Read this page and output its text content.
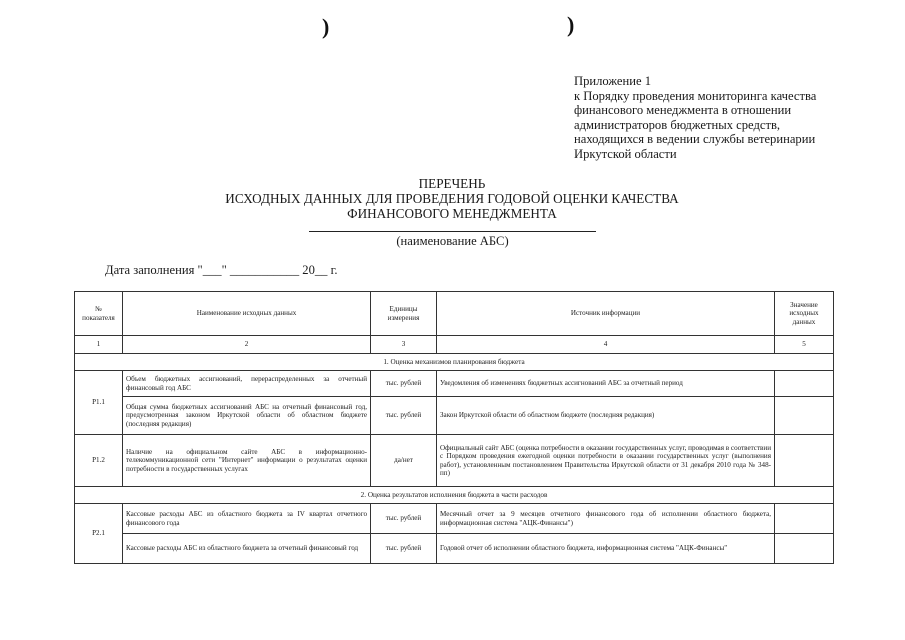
)	)
Приложение 1
к Порядку проведения мониторинга качества
финансового менеджмента в отношении
администраторов бюджетных средств,
находящихся в ведении службы ветеринарии
Иркутской области
ПЕРЕЧЕНЬ
ИСХОДНЫХ ДАННЫХ ДЛЯ ПРОВЕДЕНИЯ ГОДОВОЙ ОЦЕНКИ КАЧЕСТВА
ФИНАНСОВОГО МЕНЕДЖМЕНТА
(наименование АБС)
Дата заполнения "___" ___________ 20__ г.
№ показателя	Наименование исходных данных	Единицы измерения	Источник информации	Значение исходных данных
1	2	3	4	5
1. Оценка механизмов планирования бюджета				
Р1.1	Объем бюджетных ассигнований, перераспределенных за отчетный финансовый год АБС	тыс. рублей	Уведомления об изменениях бюджетных ассигнований АБС за отчетный период	
	Общая сумма бюджетных ассигнований АБС на отчетный финансовый год, предусмотренная законом Иркутской области об областном бюджете (последняя редакция)	тыс. рублей	Закон Иркутской области об областном бюджете (последняя редакция)	
Р1.2	Наличие на официальном сайте АБС в информационно-телекоммуникационной сети "Интернет" информации о результатах оценки потребности в государственных услугах	да/нет	Официальный сайт АБС (оценка потребности в оказании государственных услуг, проводимая в соответствии с Порядком проведения ежегодной оценки потребности в оказании государственных услуг (выполнения работ), установленным постановлением Правительства Иркутской области от 31 декабря 2010 года № 348-пп)	
2. Оценка результатов исполнения бюджета в части расходов				
Р2.1	Кассовые расходы АБС из областного бюджета за IV квартал отчетного финансового года	тыс. рублей	Месячный отчет за 9 месяцев отчетного финансового года об исполнении областного бюджета, информационная система "АЦК-Финансы")	
	Кассовые расходы АБС из областного бюджета за отчетный финансовый год	тыс. рублей	Годовой отчет об исполнении областного бюджета, информационная система "АЦК-Финансы"	
